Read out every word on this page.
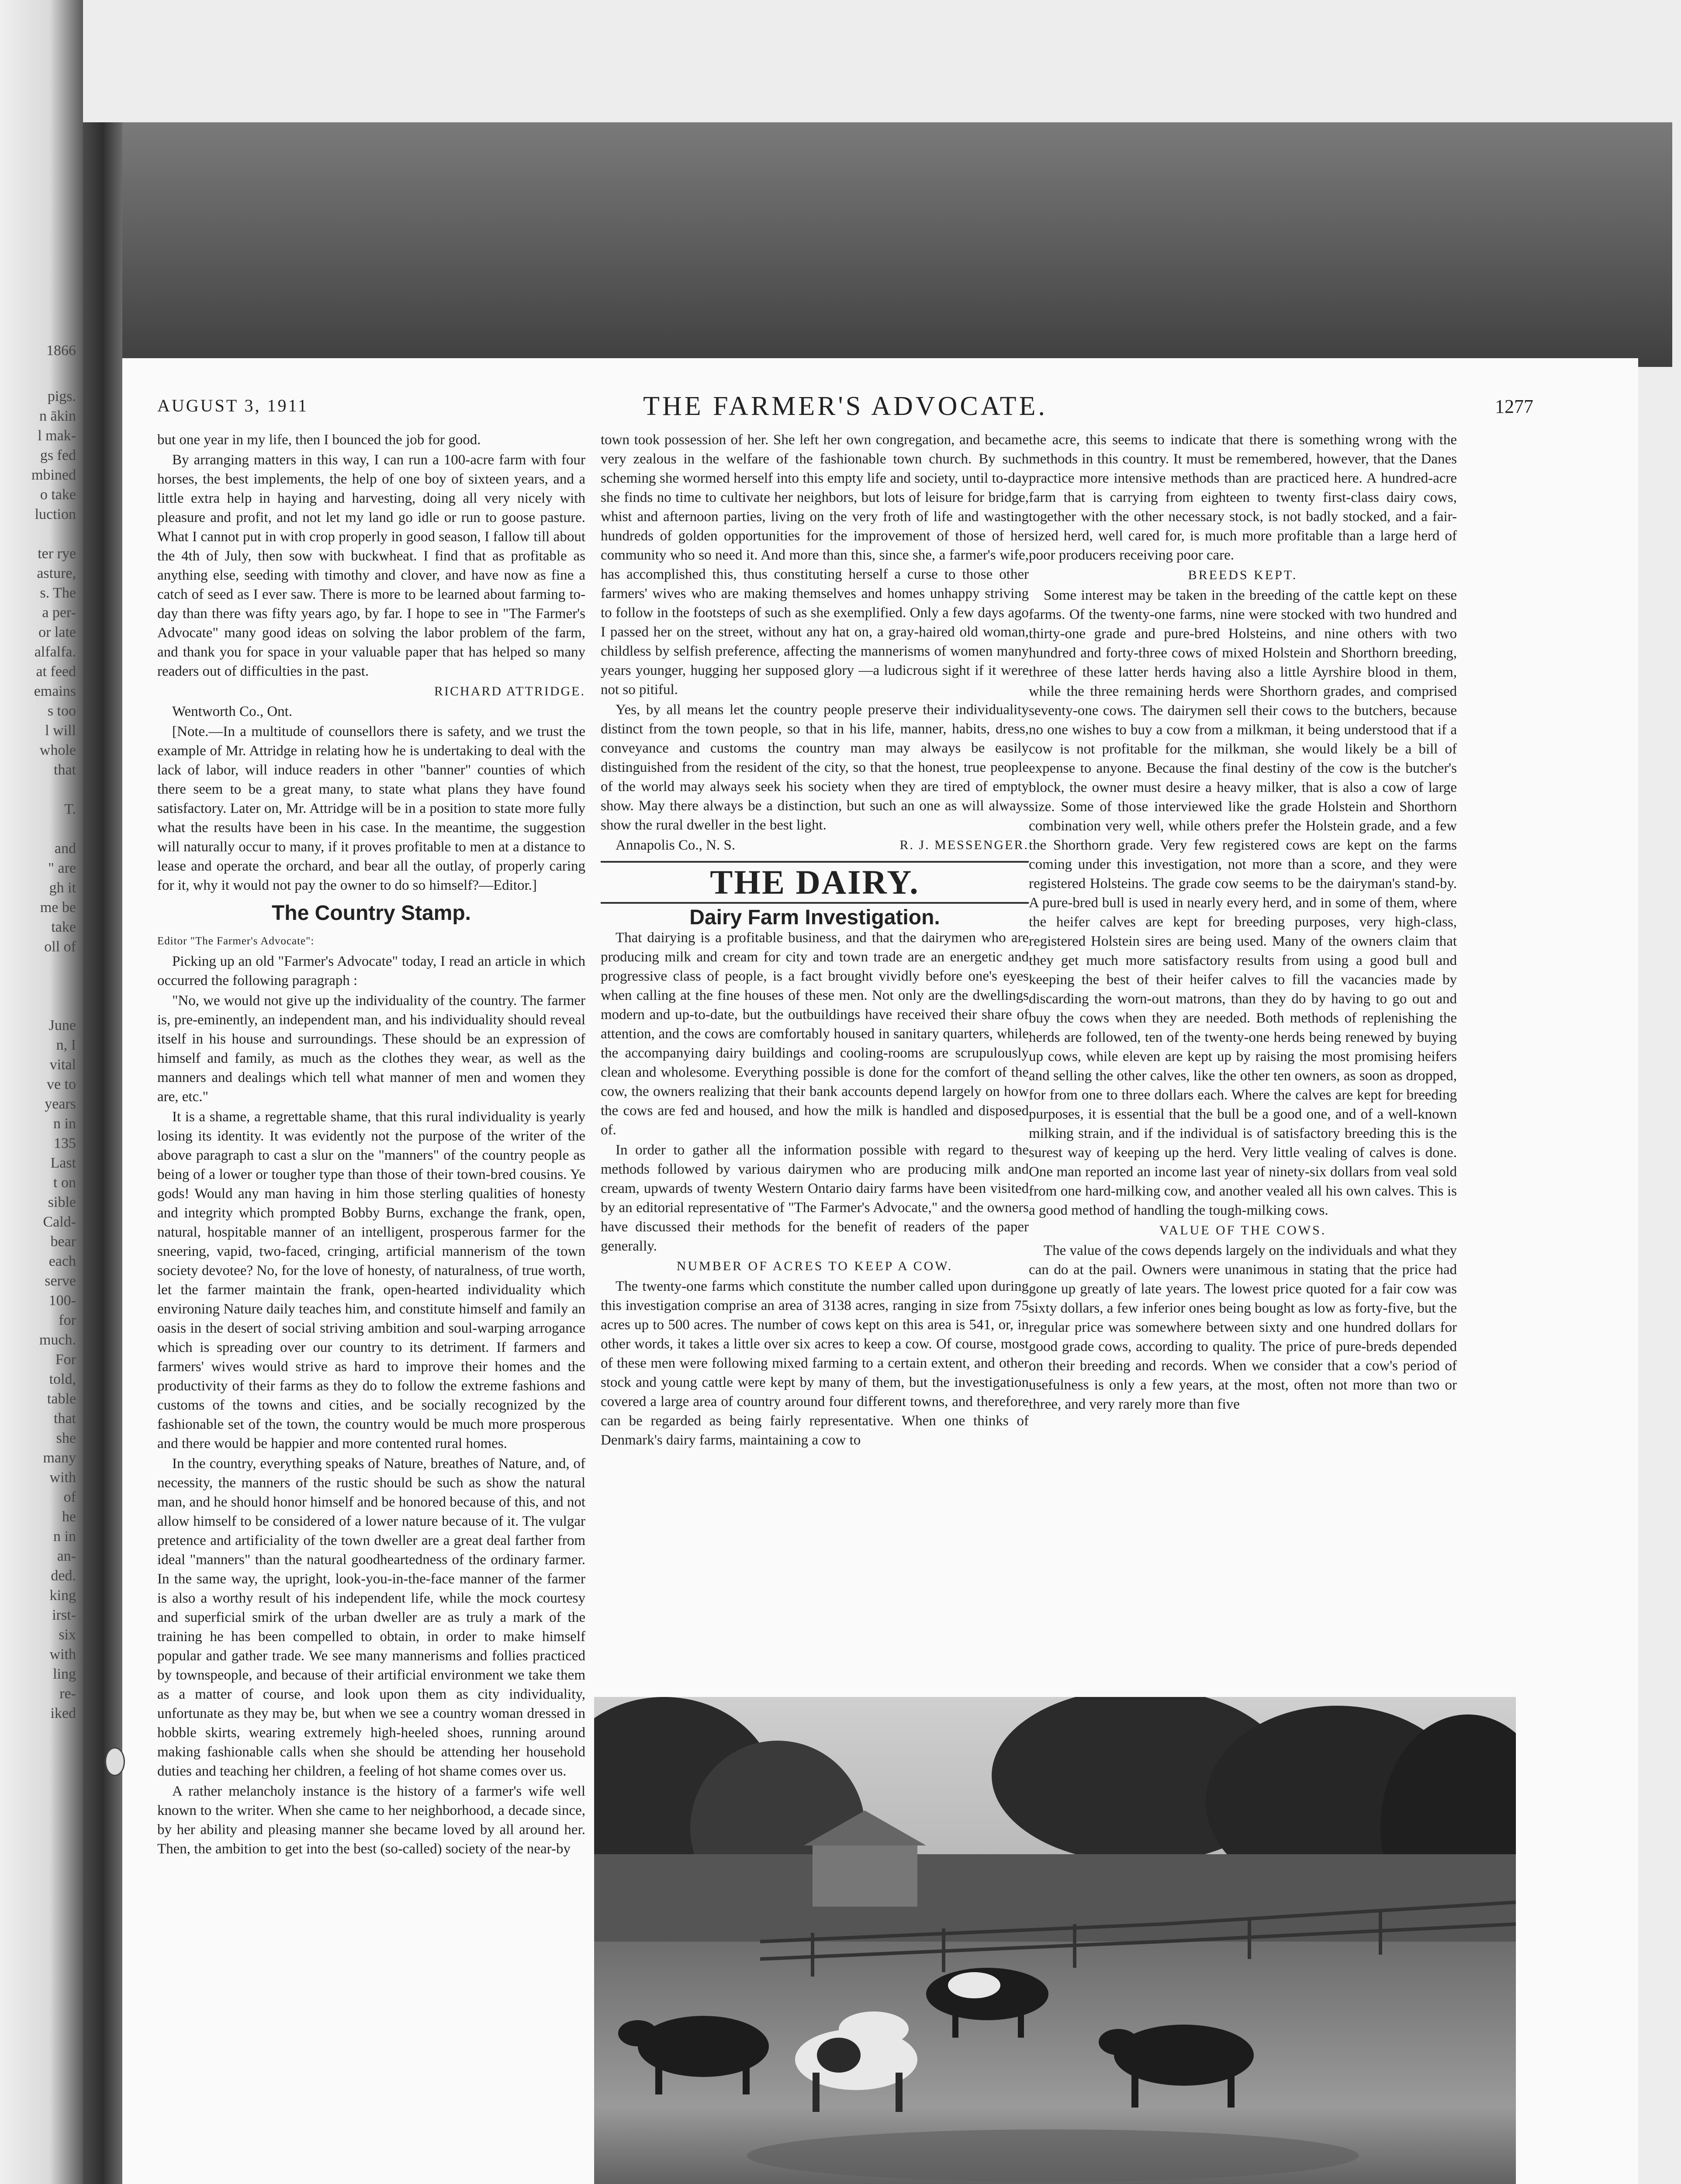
1866

pigs.

n ākin

l mak-

gs fed

mbined

o take

luction

ter rye

asture,

s. The

a per-

or late

alfalfa.

at feed

emains

s too

l will

whole

that

T.

and

" are

gh it

me be

take

oll of

June

n, I

vital

ve to

years

n in

135

Last

t on

sible

Cald-

bear

each

serve

100-

for

much.

For

told,

table

that

she

many

with

of

he

n in

an-

ded.

king

irst-

six

with

ling

re-

iked

AUGUST 3, 1911	THE FARMER'S ADVOCATE.	1277

but one year in my life, then I bounced the job for good.

By arranging matters in this way, I can run a 100-acre farm with four horses, the best implements, the help of one boy of sixteen years, and a little extra help in haying and harvesting, doing all very nicely with pleasure and profit, and not let my land go idle or run to goose pasture. What I cannot put in with crop properly in good season, I fallow till about the 4th of July, then sow with buckwheat. I find that as profitable as anything else, seeding with timothy and clover, and have now as fine a catch of seed as I ever saw. There is more to be learned about farming to-day than there was fifty years ago, by far. I hope to see in "The Farmer's Advocate" many good ideas on solving the labor problem of the farm, and thank you for space in your valuable paper that has helped so many readers out of difficulties in the past.

RICHARD ATTRIDGE.

Wentworth Co., Ont.

[Note.—In a multitude of counsellors there is safety, and we trust the example of Mr. Attridge in relating how he is undertaking to deal with the lack of labor, will induce readers in other "banner" counties of which there seem to be a great many, to state what plans they have found satisfactory. Later on, Mr. Attridge will be in a position to state more fully what the results have been in his case. In the meantime, the suggestion will naturally occur to many, if it proves profitable to men at a distance to lease and operate the orchard, and bear all the outlay, of properly caring for it, why it would not pay the owner to do so himself?—Editor.]

The Country Stamp.

Editor "The Farmer's Advocate":

Picking up an old "Farmer's Advocate" today, I read an article in which occurred the following paragraph :

"No, we would not give up the individuality of the country. The farmer is, pre-eminently, an independent man, and his individuality should reveal itself in his house and surroundings. These should be an expression of himself and family, as much as the clothes they wear, as well as the manners and dealings which tell what manner of men and women they are, etc."

It is a shame, a regrettable shame, that this rural individuality is yearly losing its identity. It was evidently not the purpose of the writer of the above paragraph to cast a slur on the "manners" of the country people as being of a lower or tougher type than those of their town-bred cousins. Ye gods! Would any man having in him those sterling qualities of honesty and integrity which prompted Bobby Burns, exchange the frank, open, natural, hospitable manner of an intelligent, prosperous farmer for the sneering, vapid, two-faced, cringing, artificial mannerism of the town society devotee? No, for the love of honesty, of naturalness, of true worth, let the farmer maintain the frank, open-hearted individuality which environing Nature daily teaches him, and constitute himself and family an oasis in the desert of social striving ambition and soul-warping arrogance which is spreading over our country to its detriment. If farmers and farmers' wives would strive as hard to improve their homes and the productivity of their farms as they do to follow the extreme fashions and customs of the towns and cities, and be socially recognized by the fashionable set of the town, the country would be much more prosperous and there would be happier and more contented rural homes.

In the country, everything speaks of Nature, breathes of Nature, and, of necessity, the manners of the rustic should be such as show the natural man, and he should honor himself and be honored because of this, and not allow himself to be considered of a lower nature because of it. The vulgar pretence and artificiality of the town dweller are a great deal farther from ideal "manners" than the natural goodheartedness of the ordinary farmer. In the same way, the upright, look-you-in-the-face manner of the farmer is also a worthy result of his independent life, while the mock courtesy and superficial smirk of the urban dweller are as truly a mark of the training he has been compelled to obtain, in order to make himself popular and gather trade. We see many mannerisms and follies practiced by townspeople, and because of their artificial environment we take them as a matter of course, and look upon them as city individuality, unfortunate as they may be, but when we see a country woman dressed in hobble skirts, wearing extremely high-heeled shoes, running around making fashionable calls when she should be attending her household duties and teaching her children, a feeling of hot shame comes over us.

A rather melancholy instance is the history of a farmer's wife well known to the writer. When she came to her neighborhood, a decade since, by her ability and pleasing manner she became loved by all around her. Then, the ambition to get into the best (so-called) society of the near-by

town took possession of her. She left her own congregation, and became very zealous in the welfare of the fashionable town church. By such scheming she wormed herself into this empty life and society, until to-day she finds no time to cultivate her neighbors, but lots of leisure for bridge, whist and afternoon parties, living on the very froth of life and wasting hundreds of golden opportunities for the improvement of those of her community who so need it. And more than this, since she, a farmer's wife, has accomplished this, thus constituting herself a curse to those other farmers' wives who are making themselves and homes unhappy striving to follow in the footsteps of such as she exemplified. Only a few days ago I passed her on the street, without any hat on, a gray-haired old woman, childless by selfish preference, affecting the mannerisms of women many years younger, hugging her supposed glory —a ludicrous sight if it were not so pitiful.

Yes, by all means let the country people preserve their individuality distinct from the town people, so that in his life, manner, habits, dress, conveyance and customs the country man may always be easily distinguished from the resident of the city, so that the honest, true people of the world may always seek his society when they are tired of empty show. May there always be a distinction, but such an one as will always show the rural dweller in the best light.

Annapolis Co., N. S.	R. J. MESSENGER.

THE DAIRY.

Dairy Farm Investigation.

That dairying is a profitable business, and that the dairymen who are producing milk and cream for city and town trade are an energetic and progressive class of people, is a fact brought vividly before one's eyes when calling at the fine houses of these men. Not only are the dwellings modern and up-to-date, but the outbuildings have received their share of attention, and the cows are comfortably housed in sanitary quarters, while the accompanying dairy buildings and cooling-rooms are scrupulously clean and wholesome. Everything possible is done for the comfort of the cow, the owners realizing that their bank accounts depend largely on how the cows are fed and housed, and how the milk is handled and disposed of.

In order to gather all the information possible with regard to the methods followed by various dairymen who are producing milk and cream, upwards of twenty Western Ontario dairy farms have been visited by an editorial representative of "The Farmer's Advocate," and the owners have discussed their methods for the benefit of readers of the paper generally.

NUMBER OF ACRES TO KEEP A COW.

The twenty-one farms which constitute the number called upon during this investigation comprise an area of 3138 acres, ranging in size from 75 acres up to 500 acres. The number of cows kept on this area is 541, or, in other words, it takes a little over six acres to keep a cow. Of course, most of these men were following mixed farming to a certain extent, and other stock and young cattle were kept by many of them, but the investigation covered a large area of country around four different towns, and therefore can be regarded as being fairly representative. When one thinks of Denmark's dairy farms, maintaining a cow to

the acre, this seems to indicate that there is something wrong with the methods in this country. It must be remembered, however, that the Danes practice more intensive methods than are practiced here. A hundred-acre farm that is carrying from eighteen to twenty first-class dairy cows, together with the other necessary stock, is not badly stocked, and a fair-sized herd, well cared for, is much more profitable than a large herd of poor producers receiving poor care.

BREEDS KEPT.

Some interest may be taken in the breeding of the cattle kept on these farms. Of the twenty-one farms, nine were stocked with two hundred and thirty-one grade and pure-bred Holsteins, and nine others with two hundred and forty-three cows of mixed Holstein and Shorthorn breeding, three of these latter herds having also a little Ayrshire blood in them, while the three remaining herds were Shorthorn grades, and comprised seventy-one cows. The dairymen sell their cows to the butchers, because no one wishes to buy a cow from a milkman, it being understood that if a cow is not profitable for the milkman, she would likely be a bill of expense to anyone. Because the final destiny of the cow is the butcher's block, the owner must desire a heavy milker, that is also a cow of large size. Some of those interviewed like the grade Holstein and Shorthorn combination very well, while others prefer the Holstein grade, and a few the Shorthorn grade. Very few registered cows are kept on the farms coming under this investigation, not more than a score, and they were registered Holsteins. The grade cow seems to be the dairyman's stand-by. A pure-bred bull is used in nearly every herd, and in some of them, where the heifer calves are kept for breeding purposes, very high-class, registered Holstein sires are being used. Many of the owners claim that they get much more satisfactory results from using a good bull and keeping the best of their heifer calves to fill the vacancies made by discarding the worn-out matrons, than they do by having to go out and buy the cows when they are needed. Both methods of replenishing the herds are followed, ten of the twenty-one herds being renewed by buying up cows, while eleven are kept up by raising the most promising heifers and selling the other calves, like the other ten owners, as soon as dropped, for from one to three dollars each. Where the calves are kept for breeding purposes, it is essential that the bull be a good one, and of a well-known milking strain, and if the individual is of satisfactory breeding this is the surest way of keeping up the herd. Very little vealing of calves is done. One man reported an income last year of ninety-six dollars from veal sold from one hard-milking cow, and another vealed all his own calves. This is a good method of handling the tough-milking cows.

VALUE OF THE COWS.

The value of the cows depends largely on the individuals and what they can do at the pail. Owners were unanimous in stating that the price had gone up greatly of late years. The lowest price quoted for a fair cow was sixty dollars, a few inferior ones being bought as low as forty-five, but the regular price was somewhere between sixty and one hundred dollars for good grade cows, according to quality. The price of pure-breds depended on their breeding and records. When we consider that a cow's period of usefulness is only a few years, at the most, often not more than two or three, and very rarely more than five
